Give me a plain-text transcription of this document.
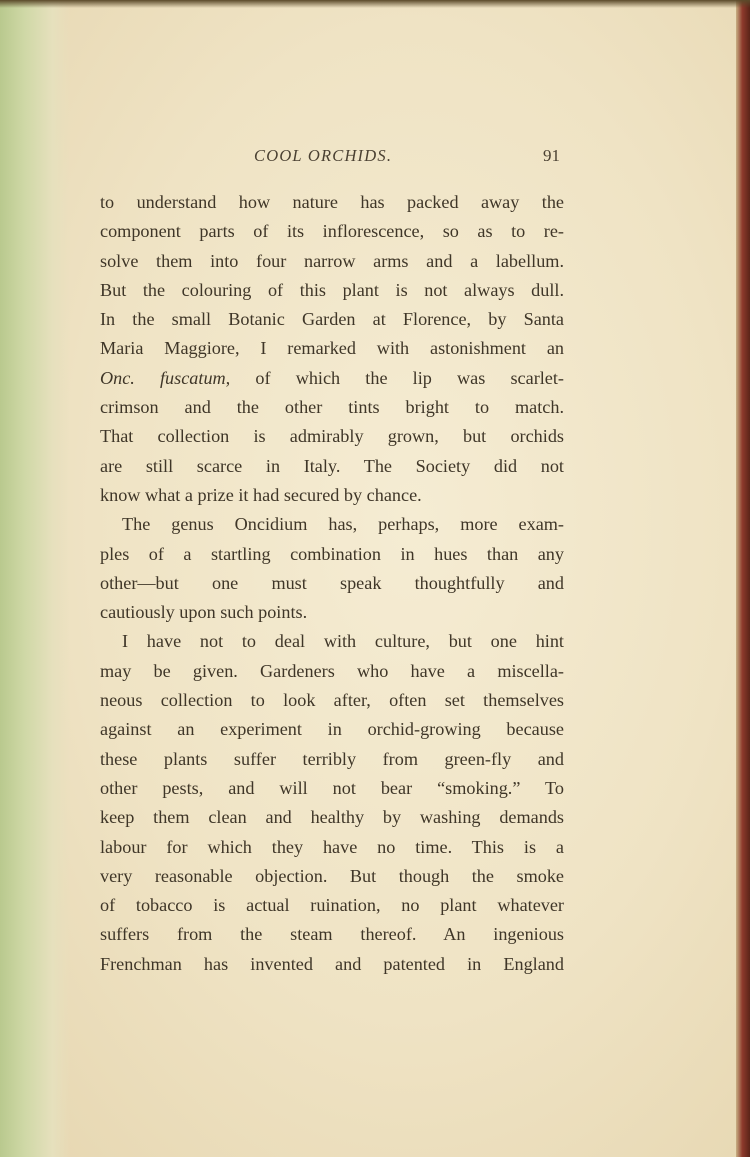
COOL ORCHIDS.	91
to understand how nature has packed away the
component parts of its inflorescence, so as to re-
solve them into four narrow arms and a labellum.
But the colouring of this plant is not always dull.
In the small Botanic Garden at Florence, by Santa
Maria Maggiore, I remarked with astonishment an
Onc. fuscatum, of which the lip was scarlet-
crimson and the other tints bright to match.
That collection is admirably grown, but orchids
are still scarce in Italy. The Society did not
know what a prize it had secured by chance.
The genus Oncidium has, perhaps, more exam-
ples of a startling combination in hues than any
other—but one must speak thoughtfully and
cautiously upon such points.
I have not to deal with culture, but one hint
may be given. Gardeners who have a miscella-
neous collection to look after, often set themselves
against an experiment in orchid-growing because
these plants suffer terribly from green-fly and
other pests, and will not bear “smoking.” To
keep them clean and healthy by washing demands
labour for which they have no time. This is a
very reasonable objection. But though the smoke
of tobacco is actual ruination, no plant whatever
suffers from the steam thereof. An ingenious
Frenchman has invented and patented in England
